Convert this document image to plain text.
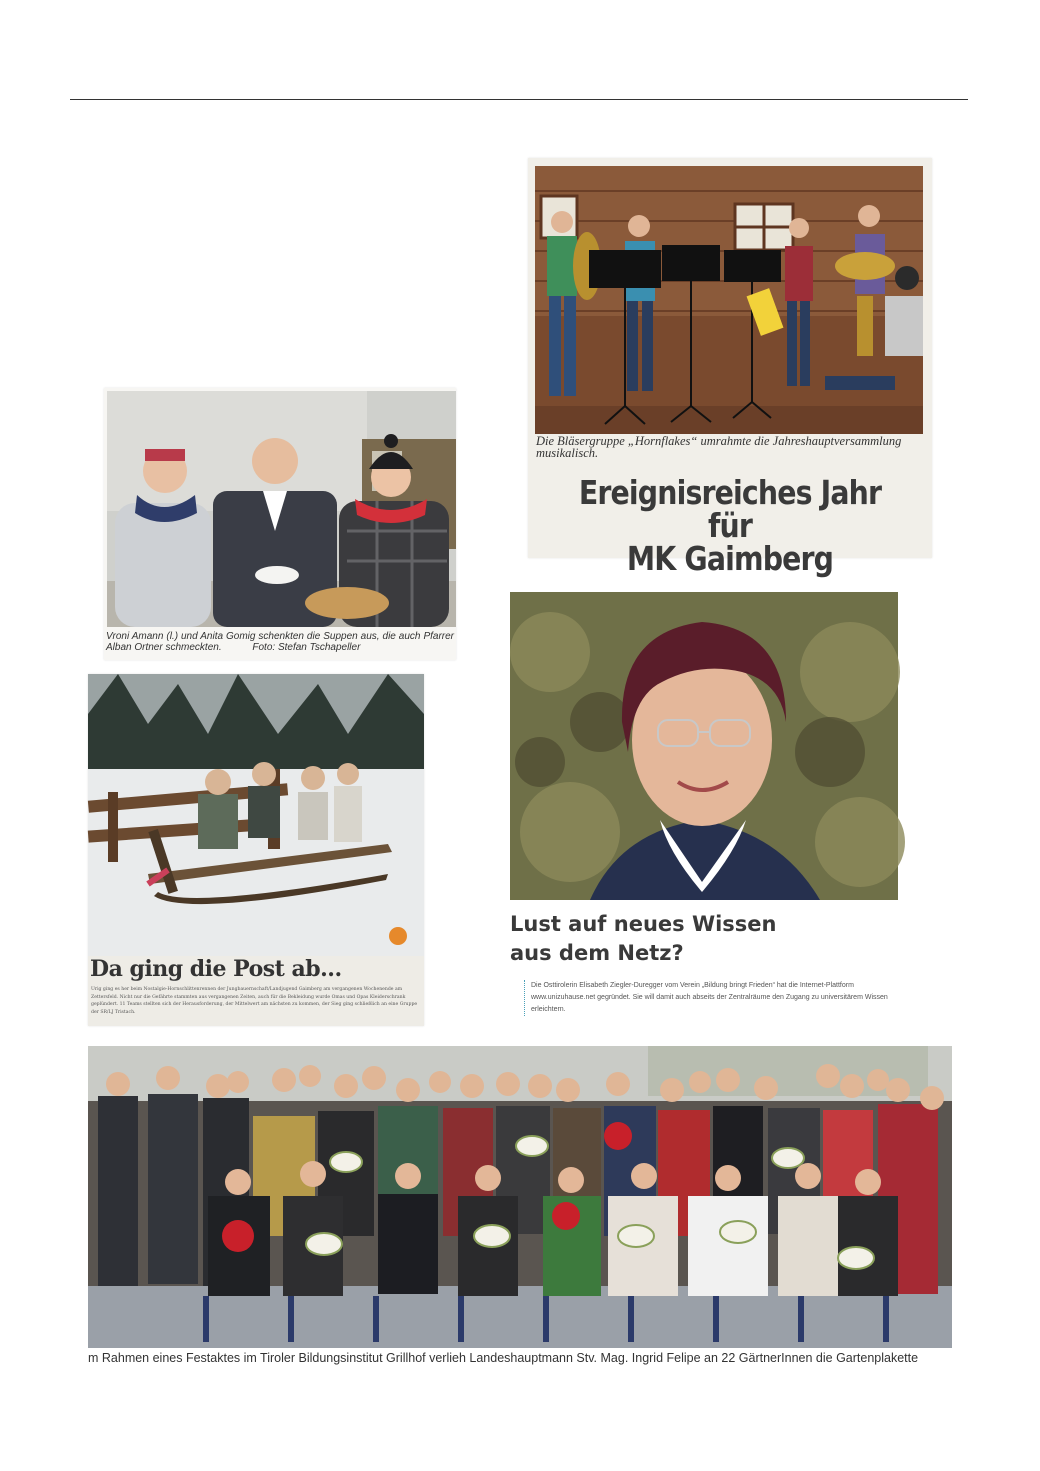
Die Bläsergruppe „Hornflakes“ umrahmte die Jahreshauptversammlung musikalisch.
Ereignisreiches Jahr für
MK Gaimberg
Vroni Amann (l.) und Anita Gomig schenkten die Suppen aus, die auch Pfarrer Alban Ortner schmeckten.	Foto: Stefan Tschapeller
Da ging die Post ab...
Urig ging es her beim Nostalgie-Hornschlittenrennen der Jungbauernschaft/Landjugend Gaimberg am vergangenen Wochenende am Zettersfeld. Nicht nur die Gefährte stammten aus vergangenen Zeiten, auch für die Bekleidung wurde Omas und Opas Kleiderschrank geplündert. 11 Teams stellten sich der Herausforderung, der Mittelwert am nächsten zu kommen, der Sieg ging schließlich an eine Gruppe der SR/LJ Tristach.
Lust auf neues Wissen
aus dem Netz?
Die Osttirolerin Elisabeth Ziegler-Duregger vom Verein „Bildung bringt Frieden“ hat die Internet-Plattform www.unizuhause.net gegründet. Sie will damit auch abseits der Zentralräume den Zugang zu universitärem Wissen erleichtern.
m Rahmen eines Festaktes im Tiroler Bildungsinstitut Grillhof verlieh Landeshauptmann Stv. Mag. Ingrid Felipe an 22 GärtnerInnen die Gartenplakette
